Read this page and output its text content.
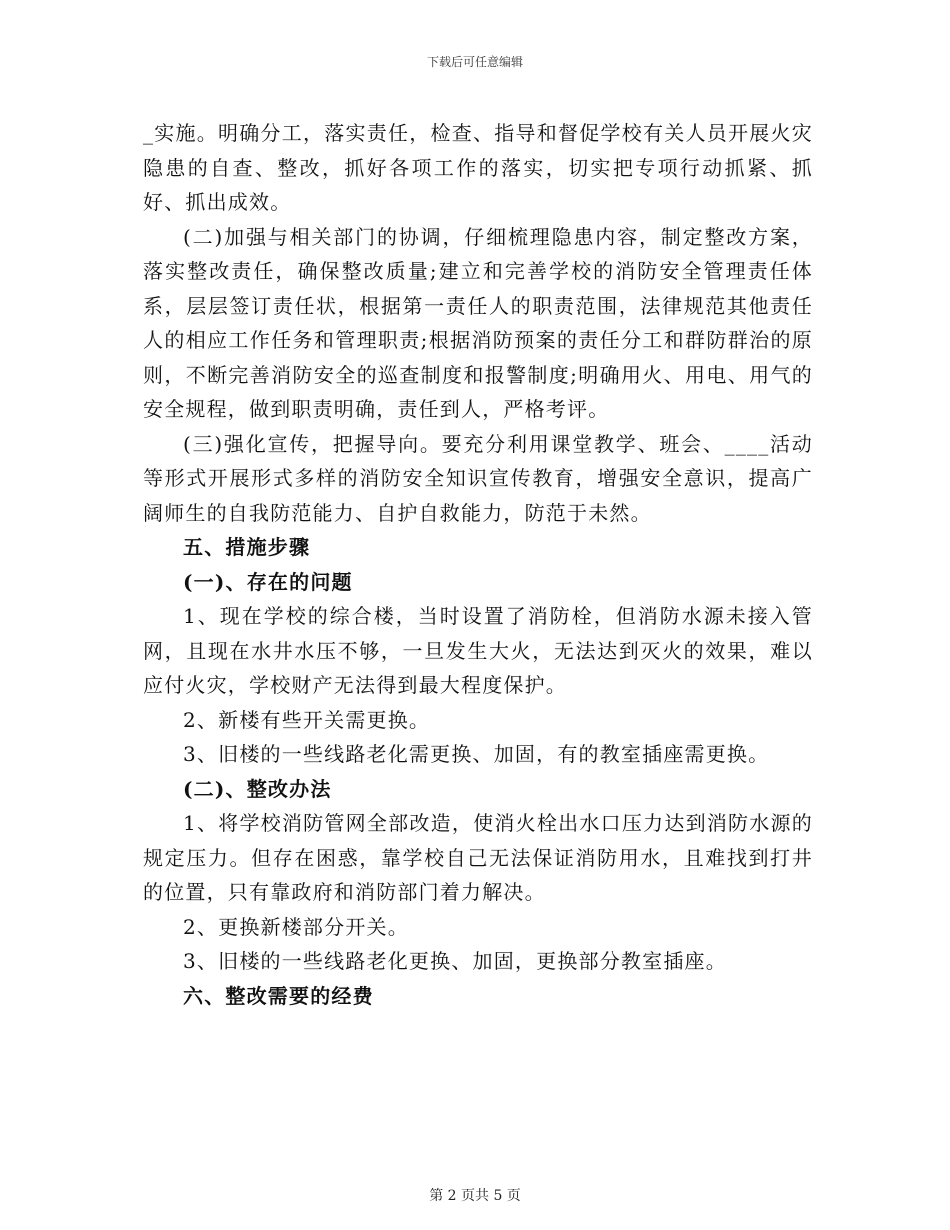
下载后可任意编辑

_实施。明确分工，落实责任，检查、指导和督促学校有关人员开展火灾隐患的自查、整改，抓好各项工作的落实，切实把专项行动抓紧、抓好、抓出成效。

(二)加强与相关部门的协调，仔细梳理隐患内容，制定整改方案，落实整改责任，确保整改质量;建立和完善学校的消防安全管理责任体系，层层签订责任状，根据第一责任人的职责范围，法律规范其他责任人的相应工作任务和管理职责;根据消防预案的责任分工和群防群治的原则，不断完善消防安全的巡查制度和报警制度;明确用火、用电、用气的安全规程，做到职责明确，责任到人，严格考评。

(三)强化宣传，把握导向。要充分利用课堂教学、班会、____活动等形式开展形式多样的消防安全知识宣传教育，增强安全意识，提高广阔师生的自我防范能力、自护自救能力，防范于未然。

五、措施步骤

(一)、存在的问题

1、现在学校的综合楼，当时设置了消防栓，但消防水源未接入管网，且现在水井水压不够，一旦发生大火，无法达到灭火的效果，难以应付火灾，学校财产无法得到最大程度保护。

2、新楼有些开关需更换。

3、旧楼的一些线路老化需更换、加固，有的教室插座需更换。

(二)、整改办法

1、将学校消防管网全部改造，使消火栓出水口压力达到消防水源的规定压力。但存在困惑，靠学校自己无法保证消防用水，且难找到打井的位置，只有靠政府和消防部门着力解决。

2、更换新楼部分开关。

3、旧楼的一些线路老化更换、加固，更换部分教室插座。

六、整改需要的经费

第 2 页共 5 页
